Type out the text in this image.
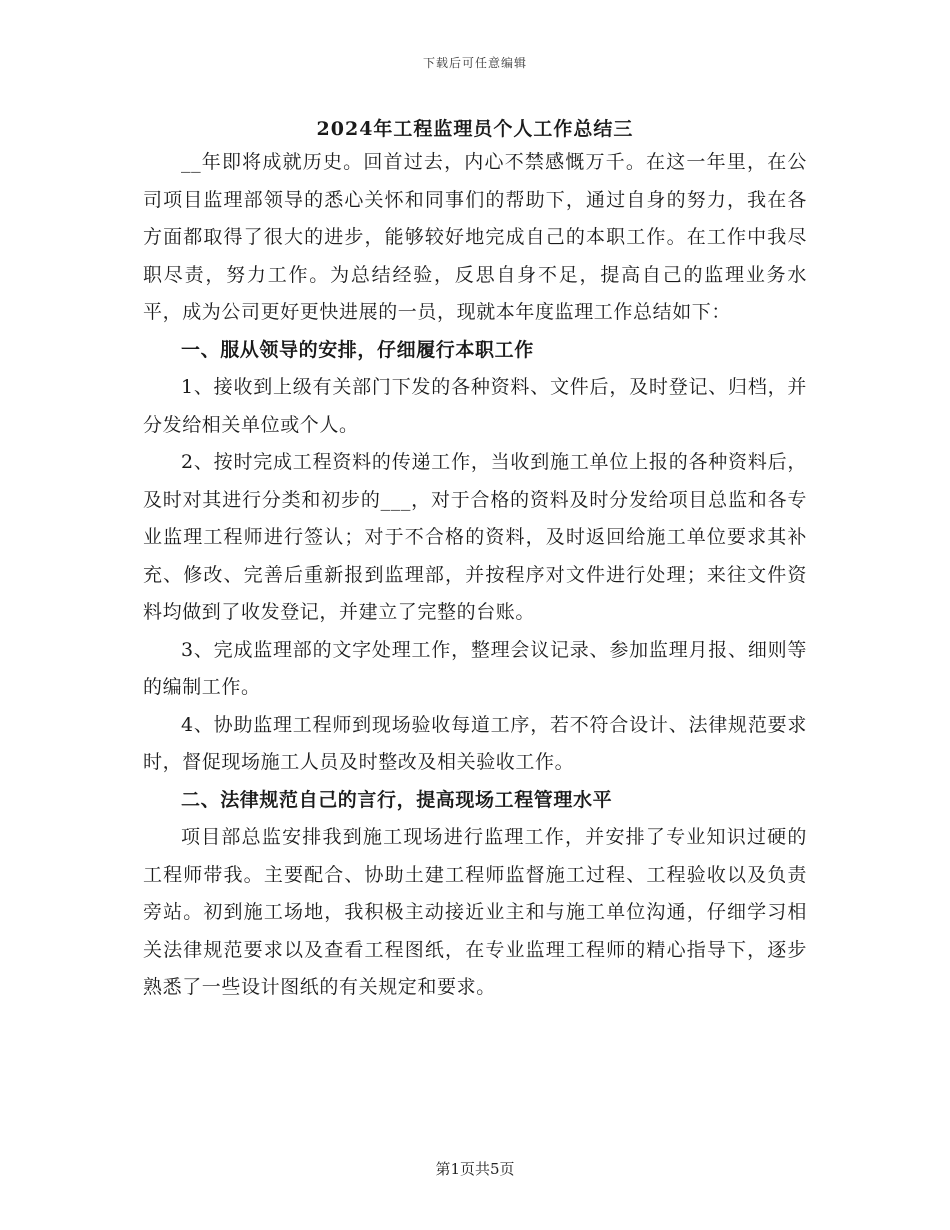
下载后可任意编辑
2024年工程监理员个人工作总结三

__年即将成就历史。回首过去，内心不禁感慨万千。在这一年里，在公司项目监理部领导的悉心关怀和同事们的帮助下，通过自身的努力，我在各方面都取得了很大的进步，能够较好地完成自己的本职工作。在工作中我尽职尽责，努力工作。为总结经验，反思自身不足，提高自己的监理业务水平，成为公司更好更快进展的一员，现就本年度监理工作总结如下：

一、服从领导的安排，仔细履行本职工作

1、接收到上级有关部门下发的各种资料、文件后，及时登记、归档，并分发给相关单位或个人。

2、按时完成工程资料的传递工作，当收到施工单位上报的各种资料后，及时对其进行分类和初步的___，对于合格的资料及时分发给项目总监和各专业监理工程师进行签认；对于不合格的资料，及时返回给施工单位要求其补充、修改、完善后重新报到监理部，并按程序对文件进行处理；来往文件资料均做到了收发登记，并建立了完整的台账。

3、完成监理部的文字处理工作，整理会议记录、参加监理月报、细则等的编制工作。

4、协助监理工程师到现场验收每道工序，若不符合设计、法律规范要求时，督促现场施工人员及时整改及相关验收工作。

二、法律规范自己的言行，提高现场工程管理水平

项目部总监安排我到施工现场进行监理工作，并安排了专业知识过硬的工程师带我。主要配合、协助土建工程师监督施工过程、工程验收以及负责旁站。初到施工场地，我积极主动接近业主和与施工单位沟通，仔细学习相关法律规范要求以及查看工程图纸，在专业监理工程师的精心指导下，逐步熟悉了一些设计图纸的有关规定和要求。

第1页共5页
